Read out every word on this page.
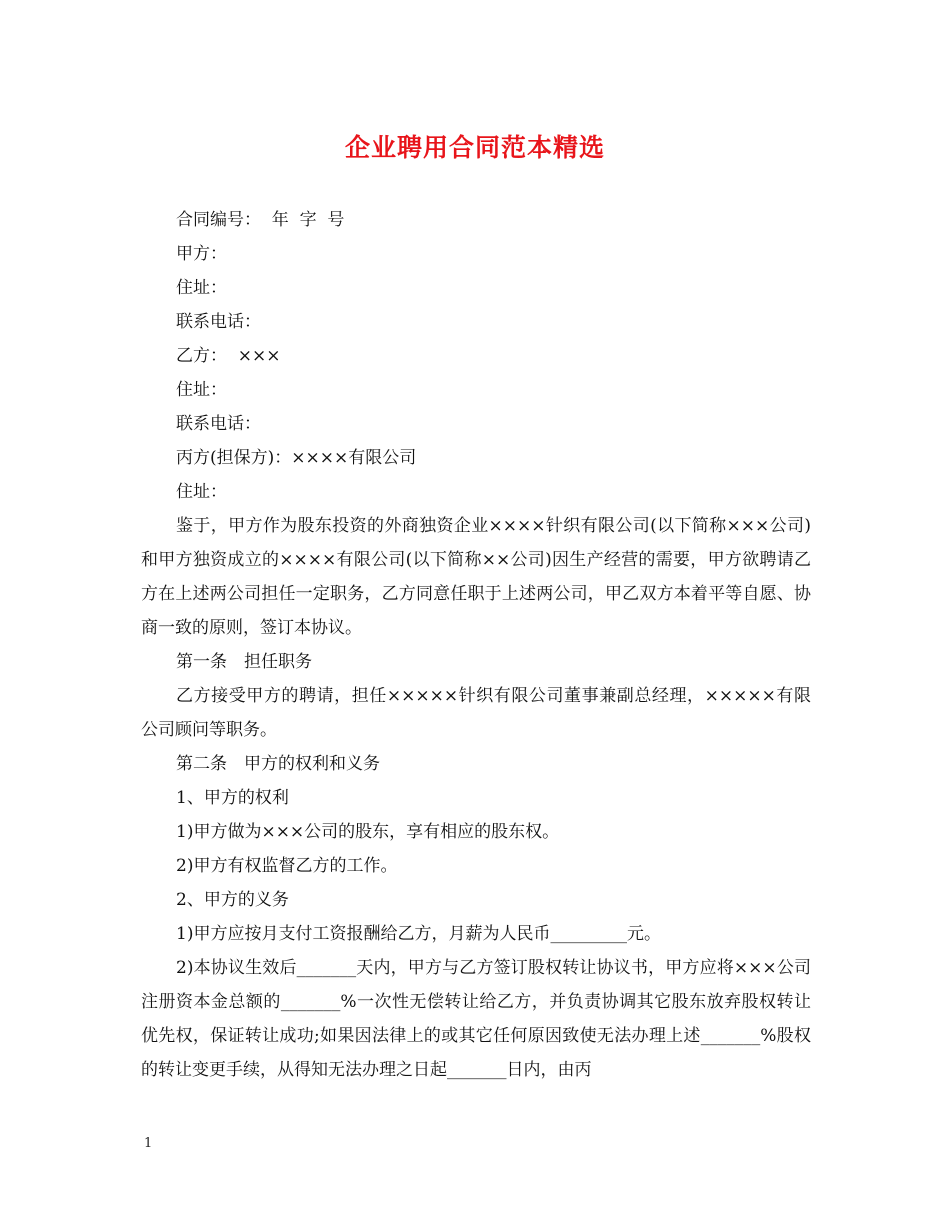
企业聘用合同范本精选

合同编号：  年  字  号

甲方：

住址：

联系电话：

乙方：  ×××

住址：

联系电话：

丙方(担保方)：××××有限公司

住址：

鉴于，甲方作为股东投资的外商独资企业××××针织有限公司(以下简称×××公司)和甲方独资成立的××××有限公司(以下简称××公司)因生产经营的需要，甲方欲聘请乙方在上述两公司担任一定职务，乙方同意任职于上述两公司，甲乙双方本着平等自愿、协商一致的原则，签订本协议。

第一条　担任职务

乙方接受甲方的聘请，担任×××××针织有限公司董事兼副总经理，×××××有限公司顾问等职务。

第二条　甲方的权利和义务

1、甲方的权利

1)甲方做为×××公司的股东，享有相应的股东权。

2)甲方有权监督乙方的工作。

2、甲方的义务

1)甲方应按月支付工资报酬给乙方，月薪为人民币_________元。

2)本协议生效后_______天内，甲方与乙方签订股权转让协议书，甲方应将×××公司注册资本金总额的_______%一次性无偿转让给乙方，并负责协调其它股东放弃股权转让优先权，保证转让成功;如果因法律上的或其它任何原因致使无法办理上述_______%股权的转让变更手续，从得知无法办理之日起_______日内，由丙

1
